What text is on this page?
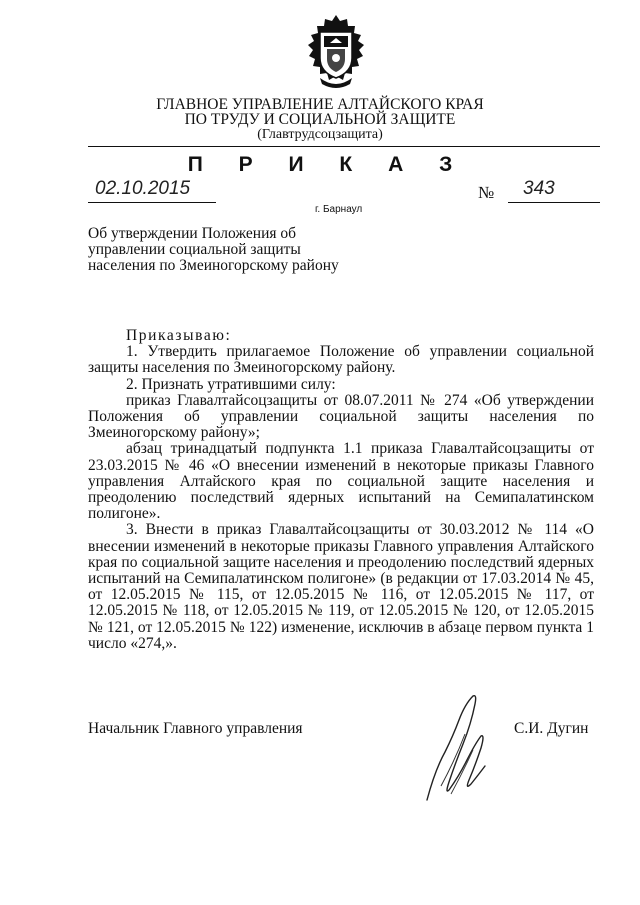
ГЛАВНОЕ УПРАВЛЕНИЕ АЛТАЙСКОГО КРАЯ
ПО ТРУДУ И СОЦИАЛЬНОЙ ЗАЩИТЕ
(Главтрудсоцзащита)
П Р И К А З
02.10.2015
г. Барнаул
№ 343
Об утверждении Положения об управлении социальной защиты населения по Змеиногорскому району

Приказываю:

1. Утвердить прилагаемое Положение об управлении социальной защиты населения по Змеиногорскому району.

2. Признать утратившими силу:

приказ Главалтайсоцзащиты от 08.07.2011 № 274 «Об утверждении Положения об управлении социальной защиты населения по Змеиногорскому району»;

абзац тринадцатый подпункта 1.1 приказа Главалтайсоцзащиты от 23.03.2015 № 46 «О внесении изменений в некоторые приказы Главного управления Алтайского края по социальной защите населения и преодолению последствий ядерных испытаний на Семипалатинском полигоне».

3. Внести в приказ Главалтайсоцзащиты от 30.03.2012 № 114 «О внесении изменений в некоторые приказы Главного управления Алтайского края по социальной защите населения и преодолению последствий ядерных испытаний на Семипалатинском полигоне» (в редакции от 17.03.2014 № 45, от 12.05.2015 № 115, от 12.05.2015 № 116, от 12.05.2015 № 117, от 12.05.2015 № 118, от 12.05.2015 № 119, от 12.05.2015 № 120, от 12.05.2015 № 121, от 12.05.2015 № 122) изменение, исключив в абзаце первом пункта 1 число «274,».

Начальник Главного управления	С.И. Дугин
